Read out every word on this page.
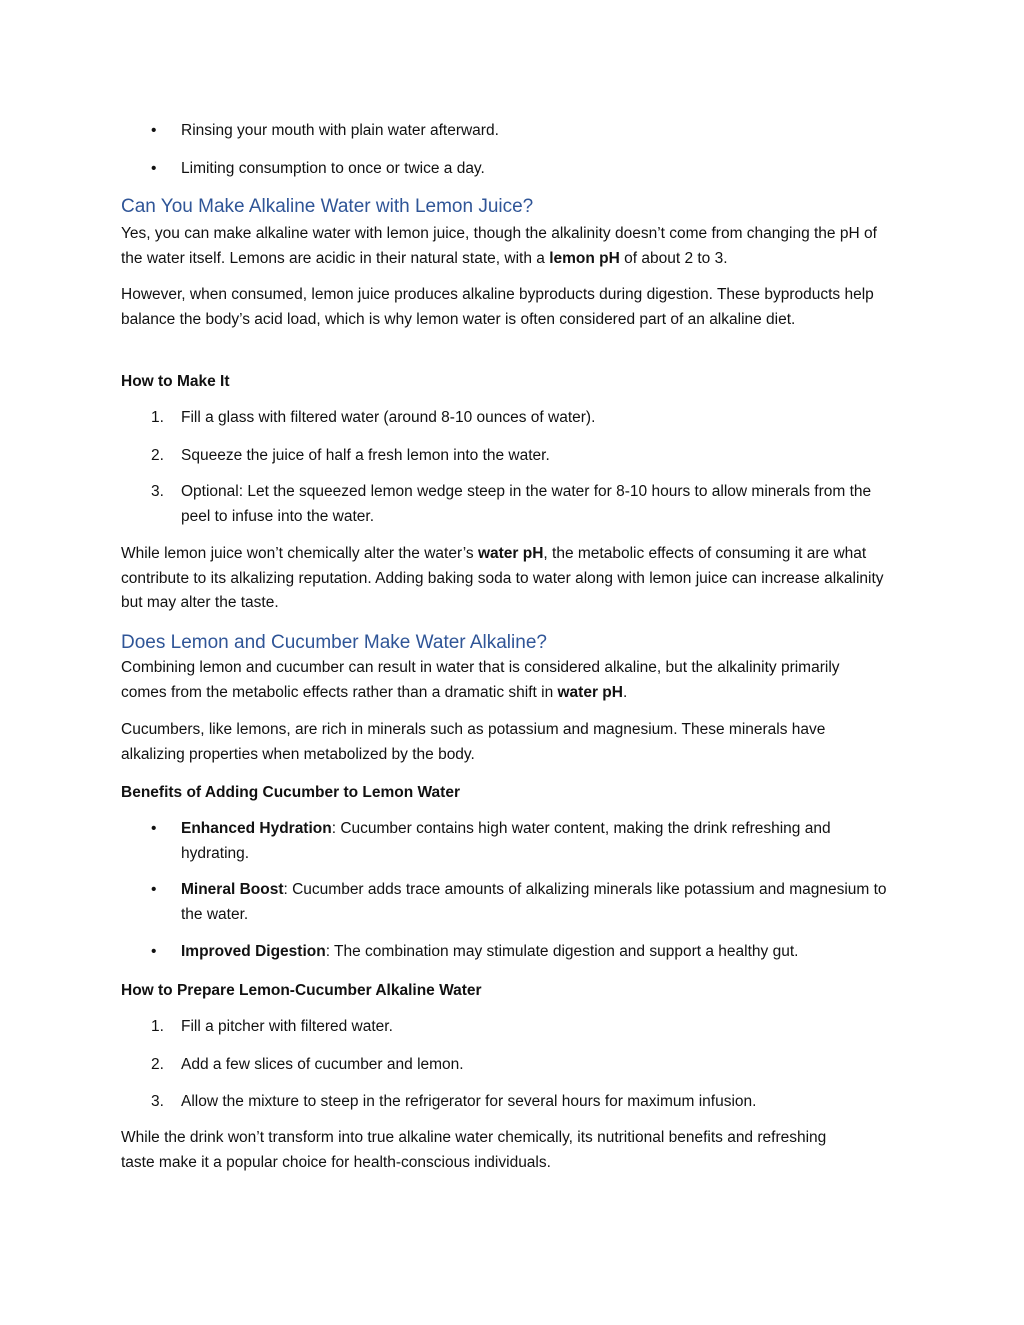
• Rinsing your mouth with plain water afterward.
• Limiting consumption to once or twice a day.
Can You Make Alkaline Water with Lemon Juice?

Yes, you can make alkaline water with lemon juice, though the alkalinity doesn’t come from changing the pH of the water itself. Lemons are acidic in their natural state, with a lemon pH of about 2 to 3.

However, when consumed, lemon juice produces alkaline byproducts during digestion. These byproducts help balance the body’s acid load, which is why lemon water is often considered part of an alkaline diet.

How to Make It

1. Fill a glass with filtered water (around 8-10 ounces of water).
2. Squeeze the juice of half a fresh lemon into the water.
3. Optional: Let the squeezed lemon wedge steep in the water for 8-10 hours to allow minerals from the peel to infuse into the water.

While lemon juice won’t chemically alter the water’s water pH, the metabolic effects of consuming it are what contribute to its alkalizing reputation. Adding baking soda to water along with lemon juice can increase alkalinity but may alter the taste.

Does Lemon and Cucumber Make Water Alkaline?

Combining lemon and cucumber can result in water that is considered alkaline, but the alkalinity primarily comes from the metabolic effects rather than a dramatic shift in water pH.

Cucumbers, like lemons, are rich in minerals such as potassium and magnesium. These minerals have alkalizing properties when metabolized by the body.

Benefits of Adding Cucumber to Lemon Water

• Enhanced Hydration: Cucumber contains high water content, making the drink refreshing and hydrating.
• Mineral Boost: Cucumber adds trace amounts of alkalizing minerals like potassium and magnesium to the water.
• Improved Digestion: The combination may stimulate digestion and support a healthy gut.

How to Prepare Lemon-Cucumber Alkaline Water

1. Fill a pitcher with filtered water.
2. Add a few slices of cucumber and lemon.
3. Allow the mixture to steep in the refrigerator for several hours for maximum infusion.

While the drink won’t transform into true alkaline water chemically, its nutritional benefits and refreshing taste make it a popular choice for health-conscious individuals.
